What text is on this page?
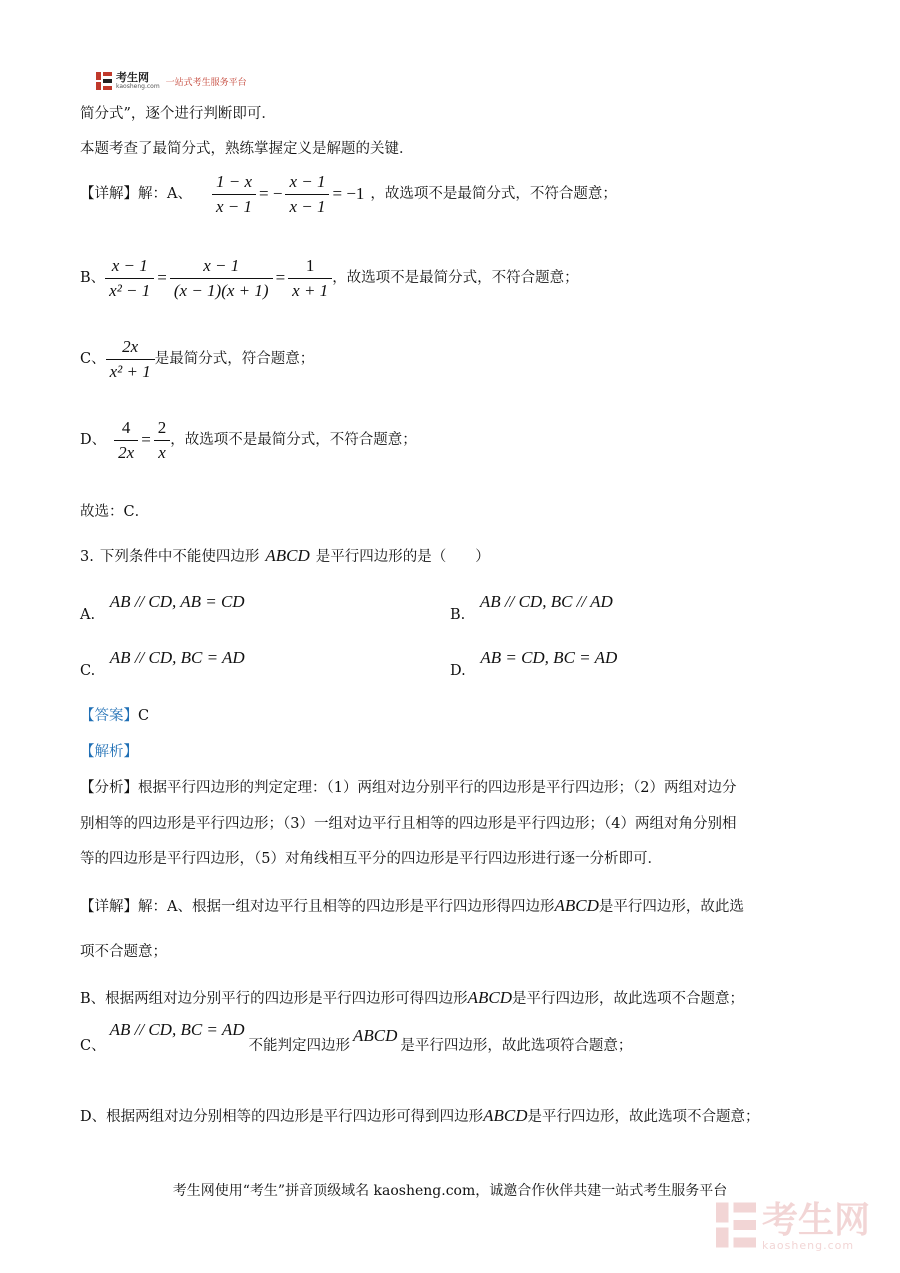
考生网
kaosheng.com 一站式考生服务平台
简分式”，逐个进行判断即可．
本题考查了最简分式，熟练掌握定义是解题的关键．
【详解】解：A、 $\frac{1 - x}{x - 1}$ = − $\frac{x - 1}{x - 1} = -1$ ，故选项不是最简分式，不符合题意；
B、 $\frac{x - 1}{\text{x² − 1}} = \frac{x - 1}{(x - 1)(x + 1)} = \frac{1}{x + 1}$ ，故选项不是最简分式，不符合题意；
C、 $\frac{2x}{\text{x² + 1}}$ 是最简分式，符合题意；
D、 $\frac{4}{2x} = \frac{2}{x}$ ，故选项不是最简分式，不符合题意；
故选：C．
3. 下列条件中不能使四边形 ABCD 是平行四边形的是（　　）
A. AB // CD, AB = CD
B. AB // CD, BC // AD
C. AB // CD, BC = AD
D. AB = CD, BC = AD
【答案】C
【解析】
【分析】根据平行四边形的判定定理：（1）两组对边分别平行的四边形是平行四边形；（2）两组对边分
别相等的四边形是平行四边形；（3）一组对边平行且相等的四边形是平行四边形；（4）两组对角分别相
等的四边形是平行四边形，（5）对角线相互平分的四边形是平行四边形进行逐一分析即可．
【详解】解：A、根据一组对边平行且相等的四边形是平行四边形得四边形ABCD是平行四边形，故此选
项不合题意；
B、根据两组对边分别平行的四边形是平行四边形可得四边形ABCD是平行四边形，故此选项不合题意；
C、
AB // CD, BC = AD
不能判定四边形
ABCD
是平行四边形，故此选项符合题意；
D、根据两组对边分别相等的四边形是平行四边形可得到四边形ABCD是平行四边形，故此选项不合题意；
考生网使用“考生”拼音顶级域名 kaosheng.com，诚邀合作伙伴共建一站式考生服务平台
考生网
kaosheng.com
